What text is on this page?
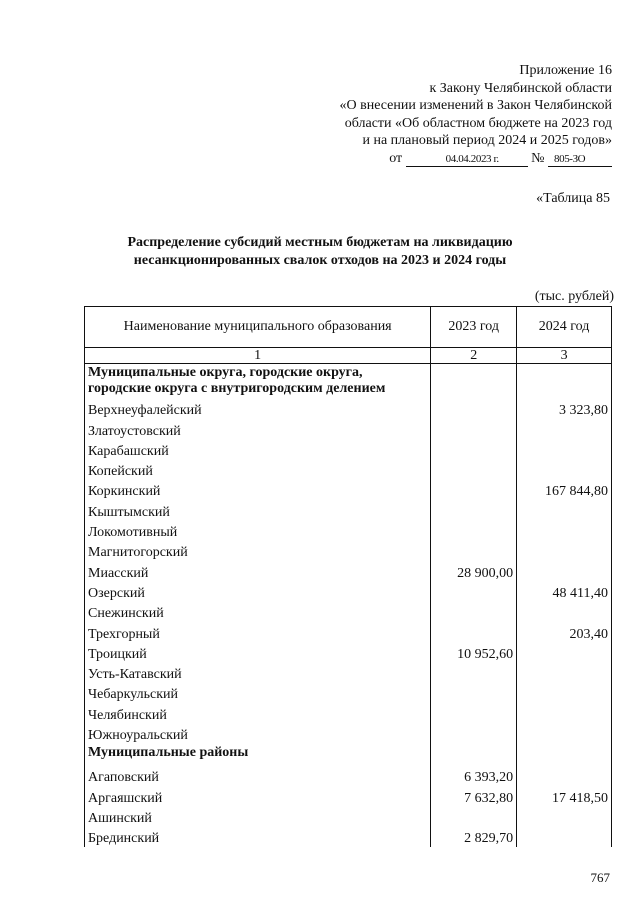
Приложение 16
к Закону Челябинской области
«О внесении изменений в Закон Челябинской
области «Об областном бюджете на 2023 год
и на плановый период 2024 и 2025 годов»
от	04.04.2023 г. № 805-ЗО
«Таблица 85
Распределение субсидий местным бюджетам на ликвидацию
несанкционированных свалок отходов на 2023 и 2024 годы
(тыс. рублей)
Наименование муниципального образования	2023 год	2024 год
1	2	3

Муниципальные округа, городские округа,
городские округа с внутригородским делением		

Верхнеуфалейский		3 323,80
Златоустовский		
Карабашский		
Копейский		
Коркинский		167 844,80
Кыштымский		
Локомотивный		
Магнитогорский		
Миасский	28 900,00	
Озерский		48 411,40
Снежинский		
Трехгорный		203,40
Троицкий	10 952,60	
Усть-Катавский		
Чебаркульский		
Челябинский		
Южноуральский		
Муниципальные районы		
Агаповский	6 393,20	
Аргаяшский	7 632,80	17 418,50
Ашинский		
Брединский	2 829,70	
767
